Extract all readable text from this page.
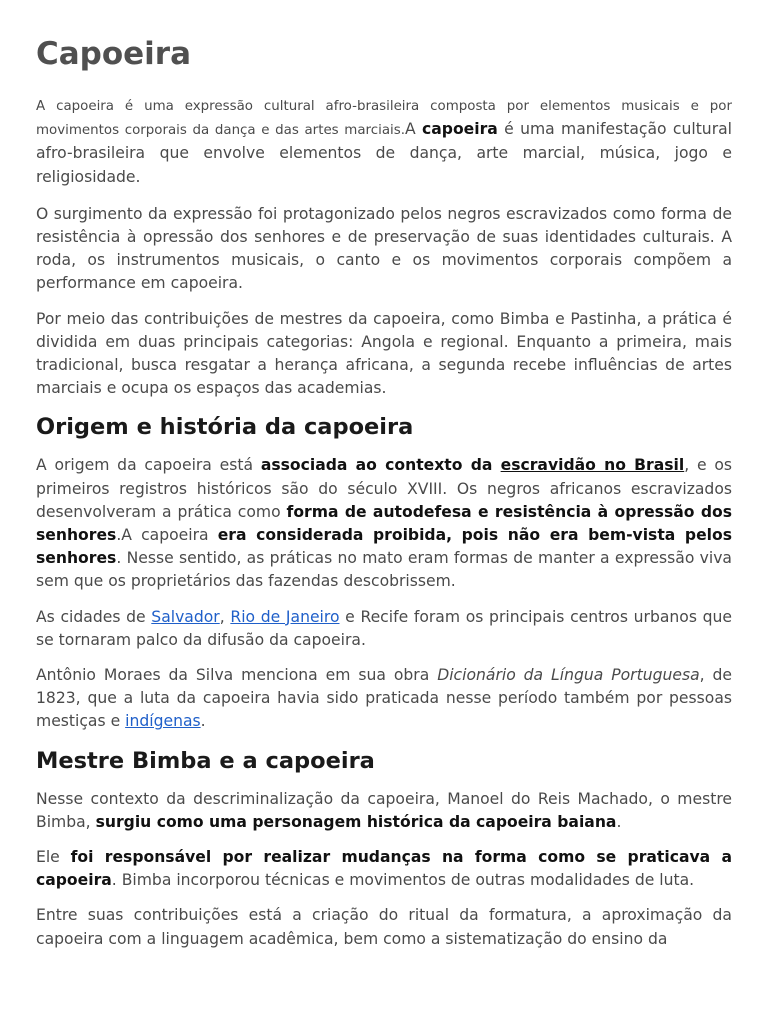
Capoeira

A capoeira é uma expressão cultural afro-brasileira composta por elementos musicais e por movimentos corporais da dança e das artes marciais.A capoeira é uma manifestação cultural afro-brasileira que envolve elementos de dança, arte marcial, música, jogo e religiosidade.

O surgimento da expressão foi protagonizado pelos negros escravizados como forma de resistência à opressão dos senhores e de preservação de suas identidades culturais. A roda, os instrumentos musicais, o canto e os movimentos corporais compõem a performance em capoeira.

Por meio das contribuições de mestres da capoeira, como Bimba e Pastinha, a prática é dividida em duas principais categorias: Angola e regional. Enquanto a primeira, mais tradicional, busca resgatar a herança africana, a segunda recebe influências de artes marciais e ocupa os espaços das academias.

Origem e história da capoeira

A origem da capoeira está associada ao contexto da escravidão no Brasil, e os primeiros registros históricos são do século XVIII. Os negros africanos escravizados desenvolveram a prática como forma de autodefesa e resistência à opressão dos senhores.A capoeira era considerada proibida, pois não era bem-vista pelos senhores. Nesse sentido, as práticas no mato eram formas de manter a expressão viva sem que os proprietários das fazendas descobrissem.

As cidades de Salvador, Rio de Janeiro e Recife foram os principais centros urbanos que se tornaram palco da difusão da capoeira.

Antônio Moraes da Silva menciona em sua obra Dicionário da Língua Portuguesa, de 1823, que a luta da capoeira havia sido praticada nesse período também por pessoas mestiças e indígenas.

Mestre Bimba e a capoeira

Nesse contexto da descriminalização da capoeira, Manoel do Reis Machado, o mestre Bimba, surgiu como uma personagem histórica da capoeira baiana.

Ele foi responsável por realizar mudanças na forma como se praticava a capoeira. Bimba incorporou técnicas e movimentos de outras modalidades de luta.

Entre suas contribuições está a criação do ritual da formatura, a aproximação da capoeira com a linguagem acadêmica, bem como a sistematização do ensino da
